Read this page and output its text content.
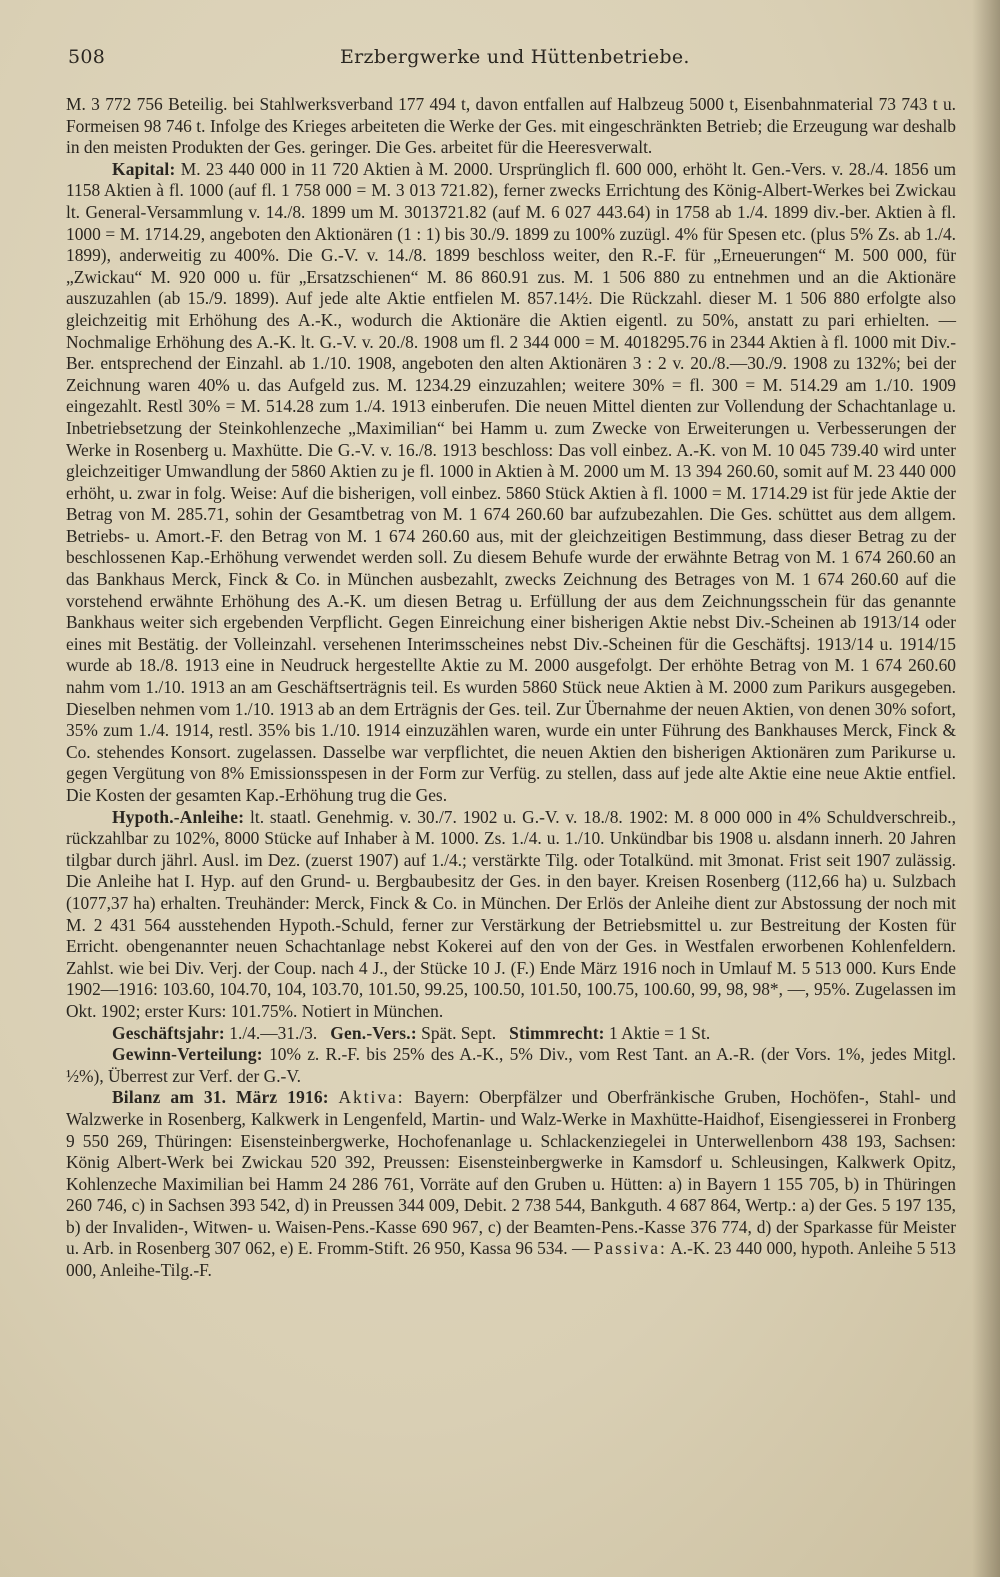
508	Erzbergwerke und Hüttenbetriebe.

M. 3 772 756 Beteilig. bei Stahlwerksverband 177 494 t, davon entfallen auf Halbzeug 5000 t, Eisenbahnmaterial 73 743 t u. Formeisen 98 746 t. Infolge des Krieges arbeiteten die Werke der Ges. mit eingeschränkten Betrieb; die Erzeugung war deshalb in den meisten Produkten der Ges. geringer. Die Ges. arbeitet für die Heeresverwalt.

Kapital: M. 23 440 000 in 11 720 Aktien à M. 2000. Ursprünglich fl. 600 000, erhöht lt. Gen.-Vers. v. 28./4. 1856 um 1158 Aktien à fl. 1000 (auf fl. 1 758 000 = M. 3 013 721.82), ferner zwecks Errichtung des König-Albert-Werkes bei Zwickau lt. General-Versammlung v. 14./8. 1899 um M. 3013721.82 (auf M. 6 027 443.64) in 1758 ab 1./4. 1899 div.-ber. Aktien à fl. 1000 = M. 1714.29, angeboten den Aktionären (1 : 1) bis 30./9. 1899 zu 100% zuzügl. 4% für Spesen etc. (plus 5% Zs. ab 1./4. 1899), anderweitig zu 400%. Die G.-V. v. 14./8. 1899 beschloss weiter, den R.-F. für „Erneuerungen“ M. 500 000, für „Zwickau“ M. 920 000 u. für „Ersatzschienen“ M. 86 860.91 zus. M. 1 506 880 zu entnehmen und an die Aktionäre auszuzahlen (ab 15./9. 1899). Auf jede alte Aktie entfielen M. 857.14½. Die Rückzahl. dieser M. 1 506 880 erfolgte also gleichzeitig mit Erhöhung des A.-K., wodurch die Aktionäre die Aktien eigentl. zu 50%, anstatt zu pari erhielten. — Nochmalige Erhöhung des A.-K. lt. G.-V. v. 20./8. 1908 um fl. 2 344 000 = M. 4018295.76 in 2344 Aktien à fl. 1000 mit Div.-Ber. entsprechend der Einzahl. ab 1./10. 1908, angeboten den alten Aktionären 3 : 2 v. 20./8.—30./9. 1908 zu 132%; bei der Zeichnung waren 40% u. das Aufgeld zus. M. 1234.29 einzuzahlen; weitere 30% = fl. 300 = M. 514.29 am 1./10. 1909 eingezahlt. Restl 30% = M. 514.28 zum 1./4. 1913 einberufen. Die neuen Mittel dienten zur Vollendung der Schachtanlage u. Inbetriebsetzung der Steinkohlenzeche „Maximilian“ bei Hamm u. zum Zwecke von Erweiterungen u. Verbesserungen der Werke in Rosenberg u. Maxhütte. Die G.-V. v. 16./8. 1913 beschloss: Das voll einbez. A.-K. von M. 10 045 739.40 wird unter gleichzeitiger Umwandlung der 5860 Aktien zu je fl. 1000 in Aktien à M. 2000 um M. 13 394 260.60, somit auf M. 23 440 000 erhöht, u. zwar in folg. Weise: Auf die bisherigen, voll einbez. 5860 Stück Aktien à fl. 1000 = M. 1714.29 ist für jede Aktie der Betrag von M. 285.71, sohin der Gesamtbetrag von M. 1 674 260.60 bar aufzubezahlen. Die Ges. schüttet aus dem allgem. Betriebs- u. Amort.-F. den Betrag von M. 1 674 260.60 aus, mit der gleichzeitigen Bestimmung, dass dieser Betrag zu der beschlossenen Kap.-Erhöhung verwendet werden soll. Zu diesem Behufe wurde der erwähnte Betrag von M. 1 674 260.60 an das Bankhaus Merck, Finck & Co. in München ausbezahlt, zwecks Zeichnung des Betrages von M. 1 674 260.60 auf die vorstehend erwähnte Erhöhung des A.-K. um diesen Betrag u. Erfüllung der aus dem Zeichnungsschein für das genannte Bankhaus weiter sich ergebenden Verpflicht. Gegen Einreichung einer bisherigen Aktie nebst Div.-Scheinen ab 1913/14 oder eines mit Bestätig. der Volleinzahl. versehenen Interimsscheines nebst Div.-Scheinen für die Geschäftsj. 1913/14 u. 1914/15 wurde ab 18./8. 1913 eine in Neudruck hergestellte Aktie zu M. 2000 ausgefolgt. Der erhöhte Betrag von M. 1 674 260.60 nahm vom 1./10. 1913 an am Geschäftserträgnis teil. Es wurden 5860 Stück neue Aktien à M. 2000 zum Parikurs ausgegeben. Dieselben nehmen vom 1./10. 1913 ab an dem Erträgnis der Ges. teil. Zur Übernahme der neuen Aktien, von denen 30% sofort, 35% zum 1./4. 1914, restl. 35% bis 1./10. 1914 einzuzählen waren, wurde ein unter Führung des Bankhauses Merck, Finck & Co. stehendes Konsort. zugelassen. Dasselbe war verpflichtet, die neuen Aktien den bisherigen Aktionären zum Parikurse u. gegen Vergütung von 8% Emissionsspesen in der Form zur Verfüg. zu stellen, dass auf jede alte Aktie eine neue Aktie entfiel. Die Kosten der gesamten Kap.-Erhöhung trug die Ges.

Hypoth.-Anleihe: lt. staatl. Genehmig. v. 30./7. 1902 u. G.-V. v. 18./8. 1902: M. 8 000 000 in 4% Schuldverschreib., rückzahlbar zu 102%, 8000 Stücke auf Inhaber à M. 1000. Zs. 1./4. u. 1./10. Unkündbar bis 1908 u. alsdann innerh. 20 Jahren tilgbar durch jährl. Ausl. im Dez. (zuerst 1907) auf 1./4.; verstärkte Tilg. oder Totalkünd. mit 3monat. Frist seit 1907 zulässig. Die Anleihe hat I. Hyp. auf den Grund- u. Bergbaubesitz der Ges. in den bayer. Kreisen Rosenberg (112,66 ha) u. Sulzbach (1077,37 ha) erhalten. Treuhänder: Merck, Finck & Co. in München. Der Erlös der Anleihe dient zur Abstossung der noch mit M. 2 431 564 ausstehenden Hypoth.-Schuld, ferner zur Verstärkung der Betriebsmittel u. zur Bestreitung der Kosten für Erricht. obengenannter neuen Schachtanlage nebst Kokerei auf den von der Ges. in Westfalen erworbenen Kohlenfeldern. Zahlst. wie bei Div. Verj. der Coup. nach 4 J., der Stücke 10 J. (F.) Ende März 1916 noch in Umlauf M. 5 513 000. Kurs Ende 1902—1916: 103.60, 104.70, 104, 103.70, 101.50, 99.25, 100.50, 101.50, 100.75, 100.60, 99, 98, 98*, —, 95%. Zugelassen im Okt. 1902; erster Kurs: 101.75%. Notiert in München.

Geschäftsjahr: 1./4.—31./3. Gen.-Vers.: Spät. Sept. Stimmrecht: 1 Aktie = 1 St.

Gewinn-Verteilung: 10% z. R.-F. bis 25% des A.-K., 5% Div., vom Rest Tant. an A.-R. (der Vors. 1%, jedes Mitgl. ½%), Überrest zur Verf. der G.-V.

Bilanz am 31. März 1916: Aktiva: Bayern: Oberpfälzer und Oberfränkische Gruben, Hochöfen-, Stahl- und Walzwerke in Rosenberg, Kalkwerk in Lengenfeld, Martin- und Walz-Werke in Maxhütte-Haidhof, Eisengiesserei in Fronberg 9 550 269, Thüringen: Eisensteinbergwerke, Hochofenanlage u. Schlackenziegelei in Unterwellenborn 438 193, Sachsen: König Albert-Werk bei Zwickau 520 392, Preussen: Eisensteinbergwerke in Kamsdorf u. Schleusingen, Kalkwerk Opitz, Kohlenzeche Maximilian bei Hamm 24 286 761, Vorräte auf den Gruben u. Hütten: a) in Bayern 1 155 705, b) in Thüringen 260 746, c) in Sachsen 393 542, d) in Preussen 344 009, Debit. 2 738 544, Bankguth. 4 687 864, Wertp.: a) der Ges. 5 197 135, b) der Invaliden-, Witwen- u. Waisen-Pens.-Kasse 690 967, c) der Beamten-Pens.-Kasse 376 774, d) der Sparkasse für Meister u. Arb. in Rosenberg 307 062, e) E. Fromm-Stift. 26 950, Kassa 96 534. — Passiva: A.-K. 23 440 000, hypoth. Anleihe 5 513 000, Anleihe-Tilg.-F.
